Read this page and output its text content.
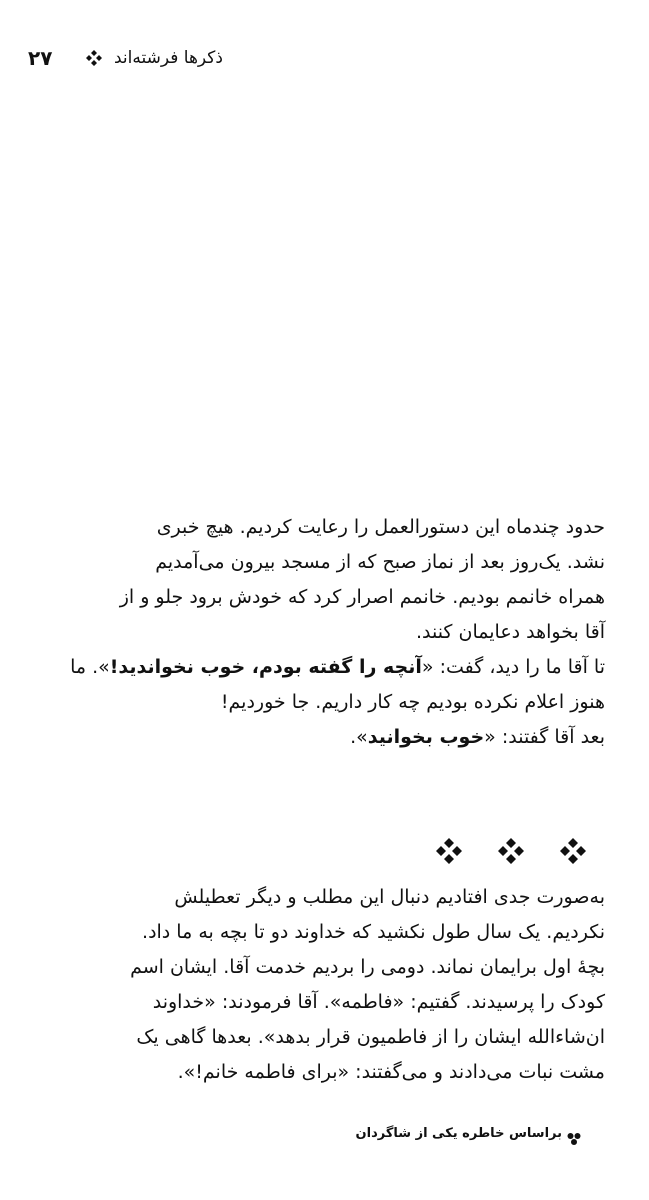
۲۷	ذکرها فرشته‌اند
حدود چندماه این دستورالعمل را رعایت کردیم. هیچ خبری
نشد. یک‌روز بعد از نماز صبح که از مسجد بیرون می‌آمدیم
همراه خانمم بودیم. خانمم اصرار کرد که خودش برود جلو و از
آقا بخواهد دعایمان کنند.
تا آقا ما را دید، گفت: «آنچه را گفته بودم، خوب نخواندید!». ما
هنوز اعلام نکرده بودیم چه کار داریم. جا خوردیم!
بعد آقا گفتند: «خوب بخوانید».
به‌صورت جدی افتادیم دنبال این مطلب و دیگر تعطیلش
نکردیم. یک سال طول نکشید که خداوند دو تا بچه به ما داد.
بچهٔ اول برایمان نماند. دومی را بردیم خدمت آقا. ایشان اسم
کودک را پرسیدند. گفتیم: «فاطمه». آقا فرمودند: «خداوند
ان‌شاءالله ایشان را از فاطمیون قرار بدهد». بعدها گاهی یک
مشت نبات می‌دادند و می‌گفتند: «برای فاطمه خانم!».
براساس خاطره یکی از شاگردان
